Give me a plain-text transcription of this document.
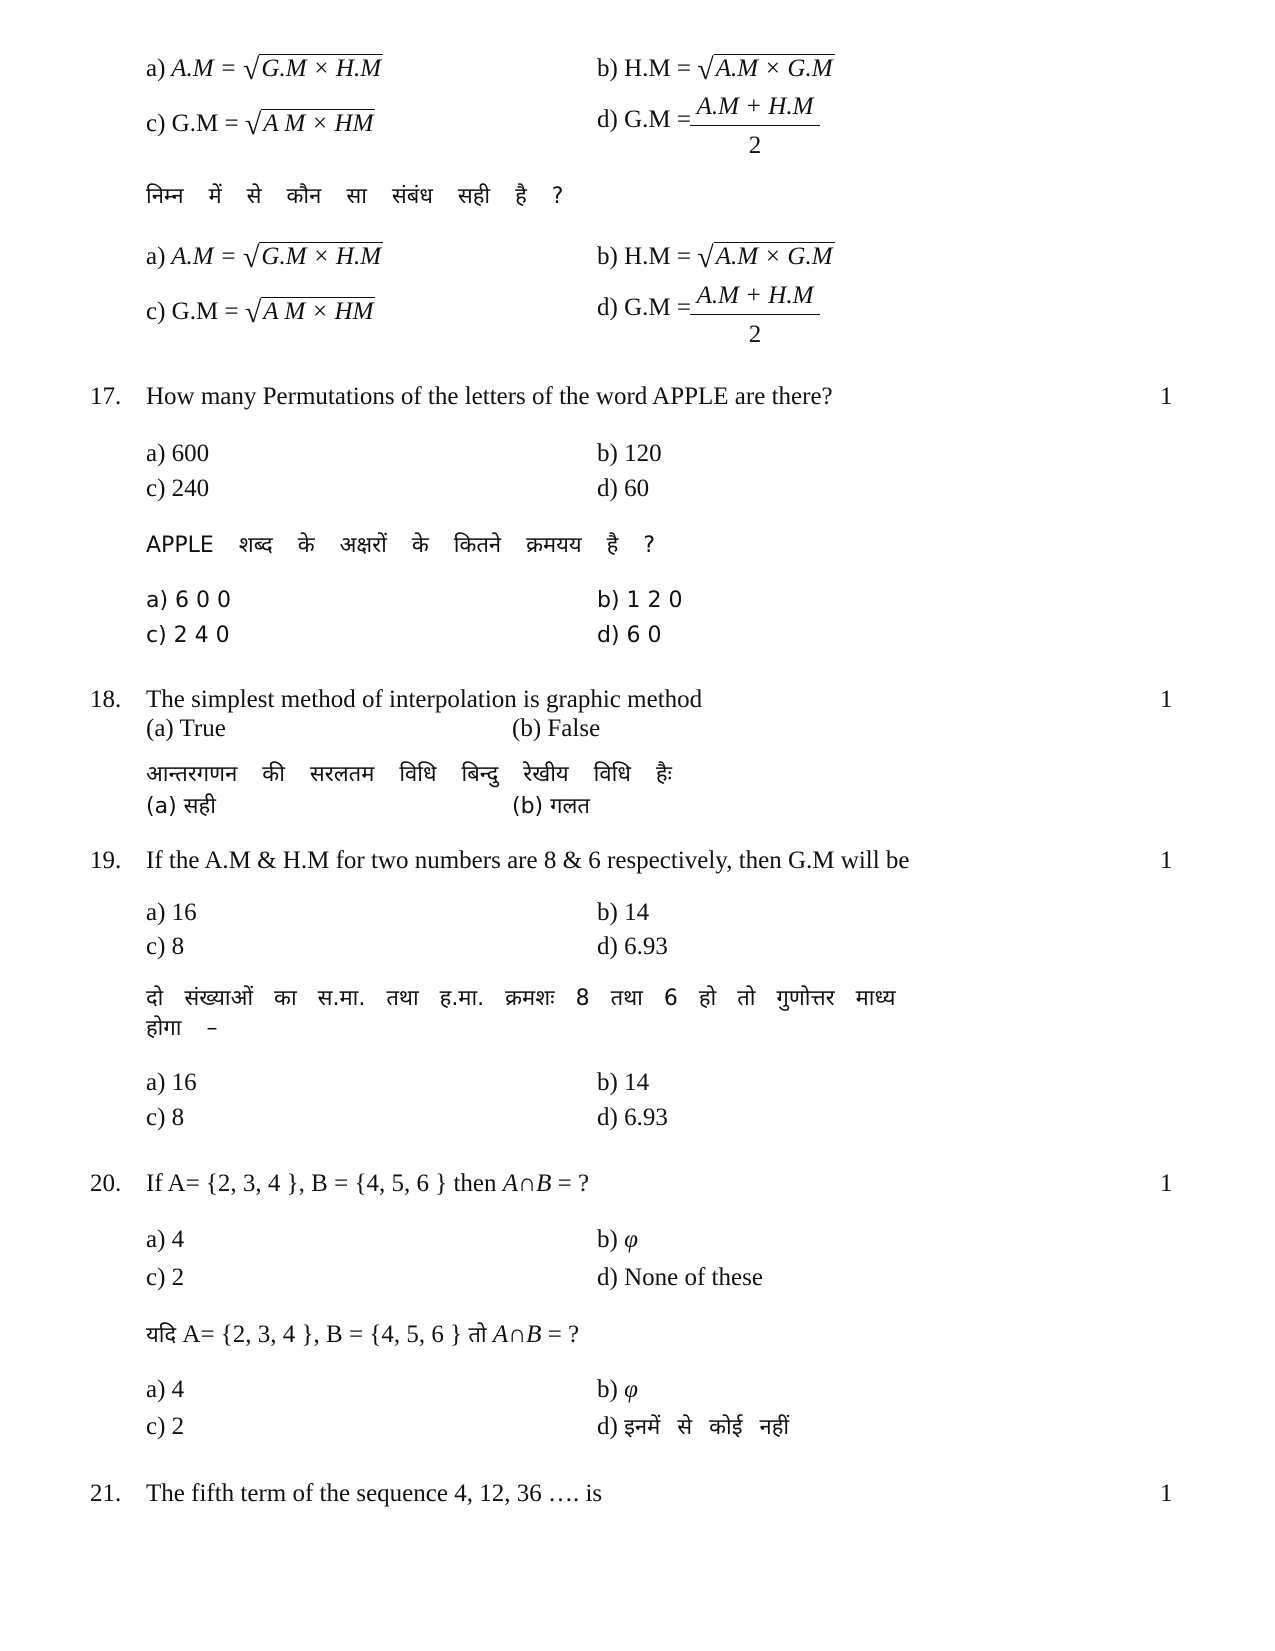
a) A.M = √G.M × H.M	b) H.M = √A.M × G.M
c) G.M = √A M × HM	d) $G.M = \frac{A.M + H.M}{2}$
निम्न में से कौन सा संबंध सही है ?
a) A.M = √G.M × H.M	b) H.M = √A.M × G.M
c) G.M = √A M × HM	d) $G.M = \frac{A.M + H.M}{2}$
17. How many Permutations of the letters of the word APPLE are there?	1
a) 600	b) 120
c) 240	d) 60
APPLE शब्द के अक्षरों के कितने क्रमयय है ?
a) 6 0 0	b) 1 2 0
c) 2 4 0	d) 6 0
18. The simplest method of interpolation is graphic method	1
(a) True	(b) False
आन्तरगणन की सरलतम विधि बिन्दु रेखीय विधि हैः
(a) सही	(b) गलत
19. If the A.M & H.M for two numbers are 8 & 6 respectively, then G.M will be	1
a) 16	b) 14
c) 8	d) 6.93
दो संख्याओं का स.मा. तथा ह.मा. क्रमशः 8 तथा 6 हो तो गुणोत्तर माध्य
होगा –
a) 16	b) 14
c) 8	d) 6.93
20. If A= {2, 3, 4 }, B = {4, 5, 6 } then A∩B = ?	1
a) 4	b) φ
c) 2	d) None of these
यदि A= {2, 3, 4 }, B = {4, 5, 6 } तो A∩B = ?
a) 4	b) φ
c) 2	d) इनमें से कोई नहीं
21. The fifth term of the sequence 4, 12, 36 …. is	1
